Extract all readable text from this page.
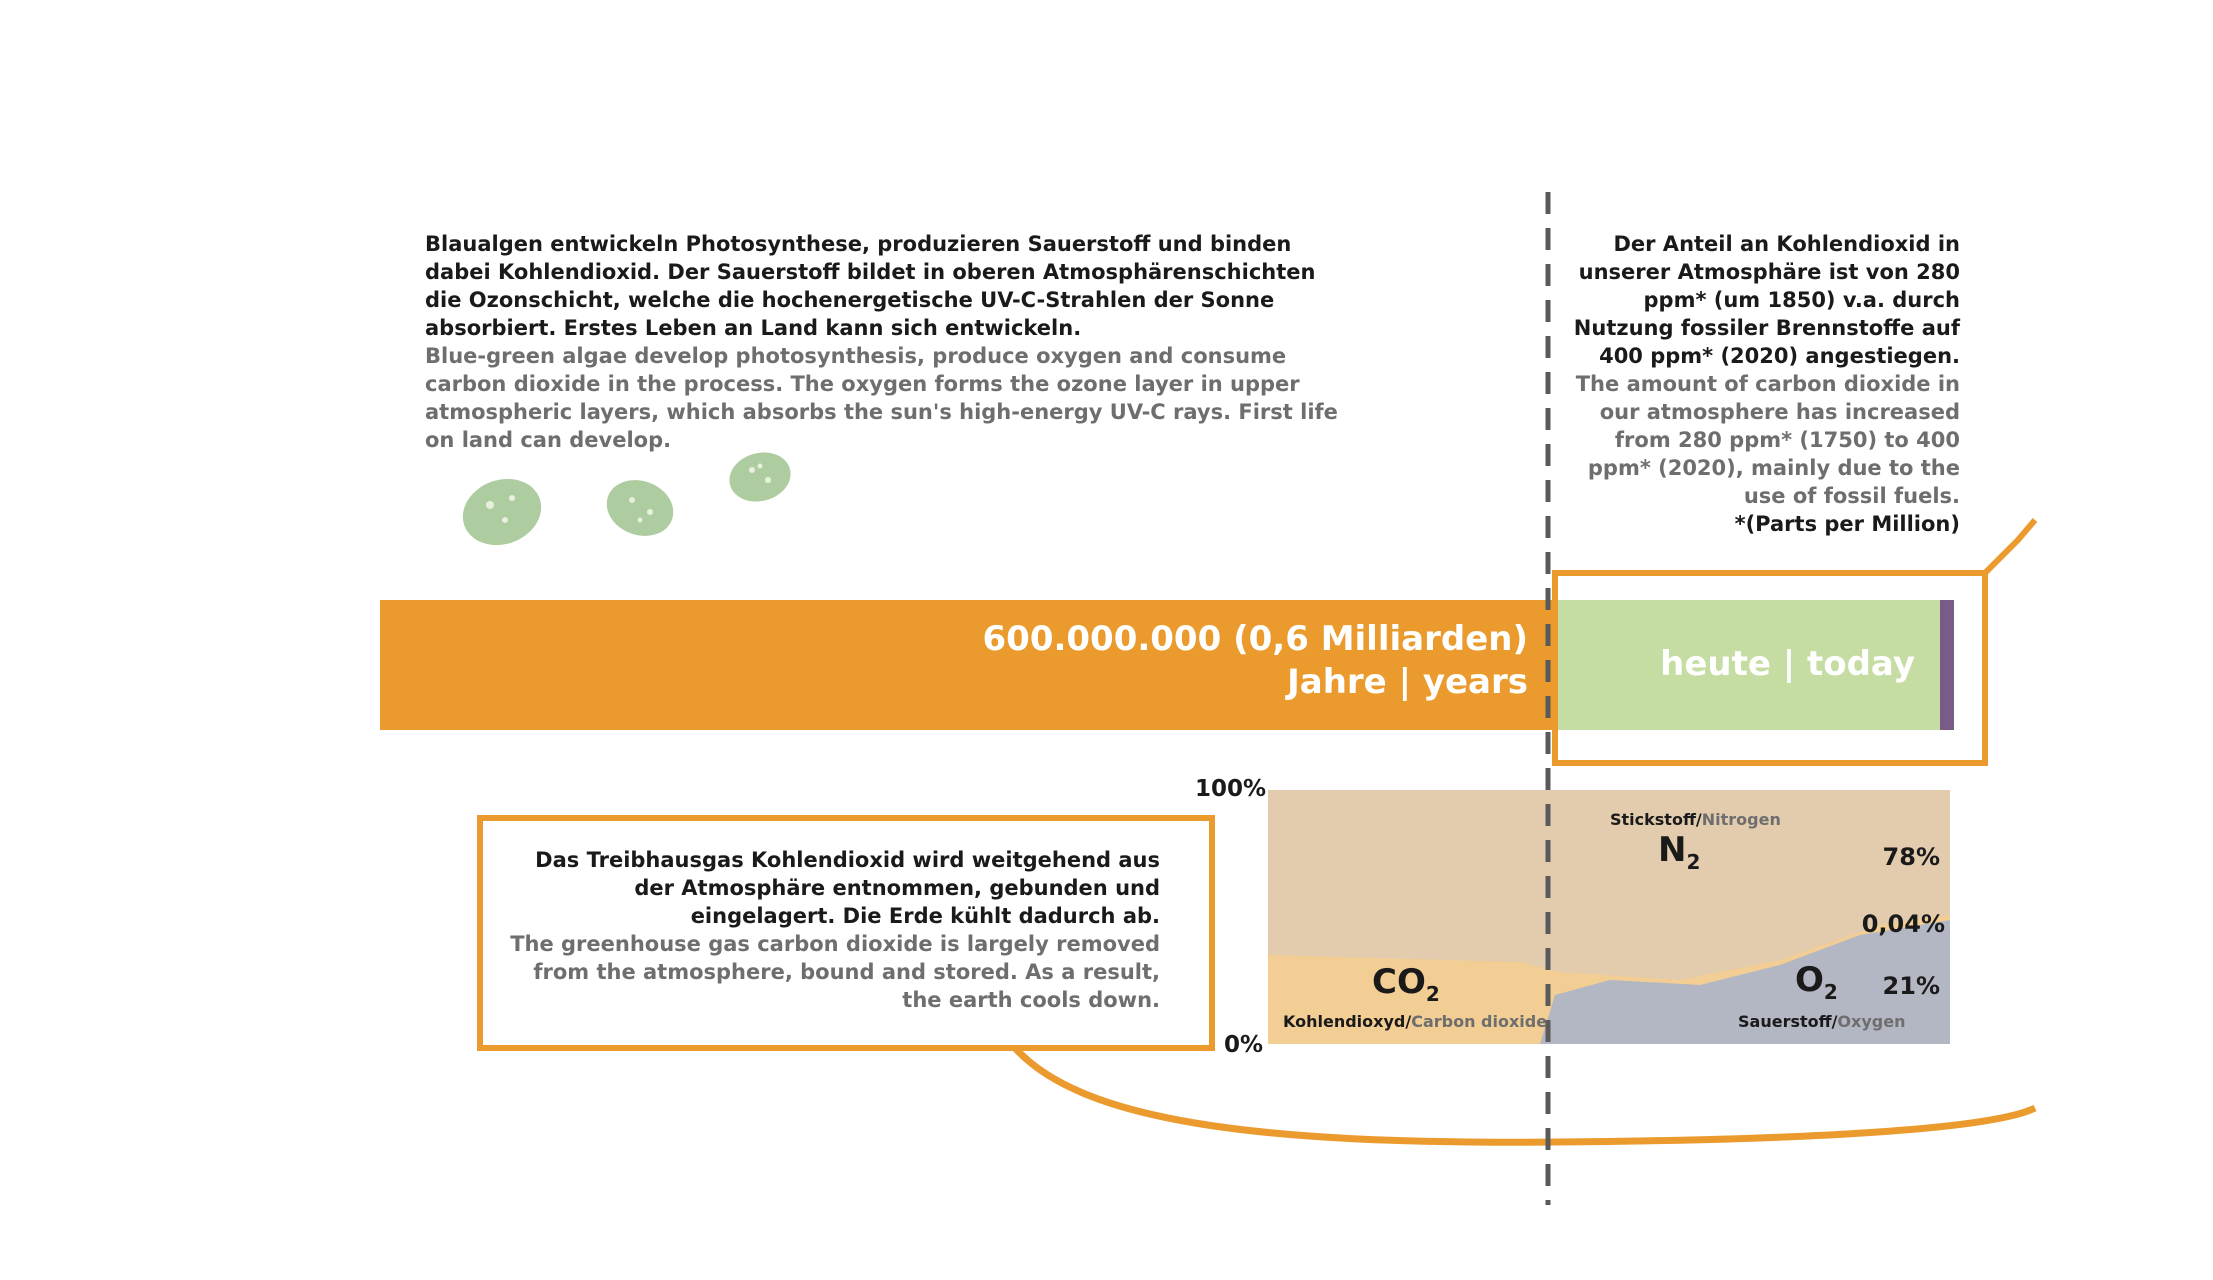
Blaualgen entwickeln Photosynthese, produzieren Sauerstoff und binden dabei Kohlendioxid. Der Sauerstoff bildet in oberen Atmosphärenschichten die Ozonschicht, welche die hochenergetische UV-C-Strahlen der Sonne absorbiert. Erstes Leben an Land kann sich entwickeln.
Blue-green algae develop photosynthesis, produce oxygen and consume carbon dioxide in the process. The oxygen forms the ozone layer in upper atmospheric layers, which absorbs the sun's high-energy UV-C rays. First life on land can develop.
Der Anteil an Kohlendioxid in unserer Atmosphäre ist von 280 ppm* (um 1850) v.a. durch Nutzung fossiler Brennstoffe auf 400 ppm* (2020) angestiegen.
The amount of carbon dioxide in our atmosphere has increased from 280 ppm* (1750) to 400 ppm* (2020), mainly due to the use of fossil fuels.
*(Parts per Million)
600.000.000 (0,6 Milliarden)
Jahre | years	heute | today
Das Treibhausgas Kohlendioxid wird weitgehend aus der Atmosphäre entnommen, gebunden und eingelagert. Die Erde kühlt dadurch ab.
The greenhouse gas carbon dioxide is largely removed from the atmosphere, bound and stored. As a result, the earth cools down.
100%
0%
Stickstoff/Nitrogen
$N_2$	78%
0,04%
21%
$O_2$
Sauerstoff/Oxygen
$CO_2$
Kohlendioxyd/Carbon dioxide
